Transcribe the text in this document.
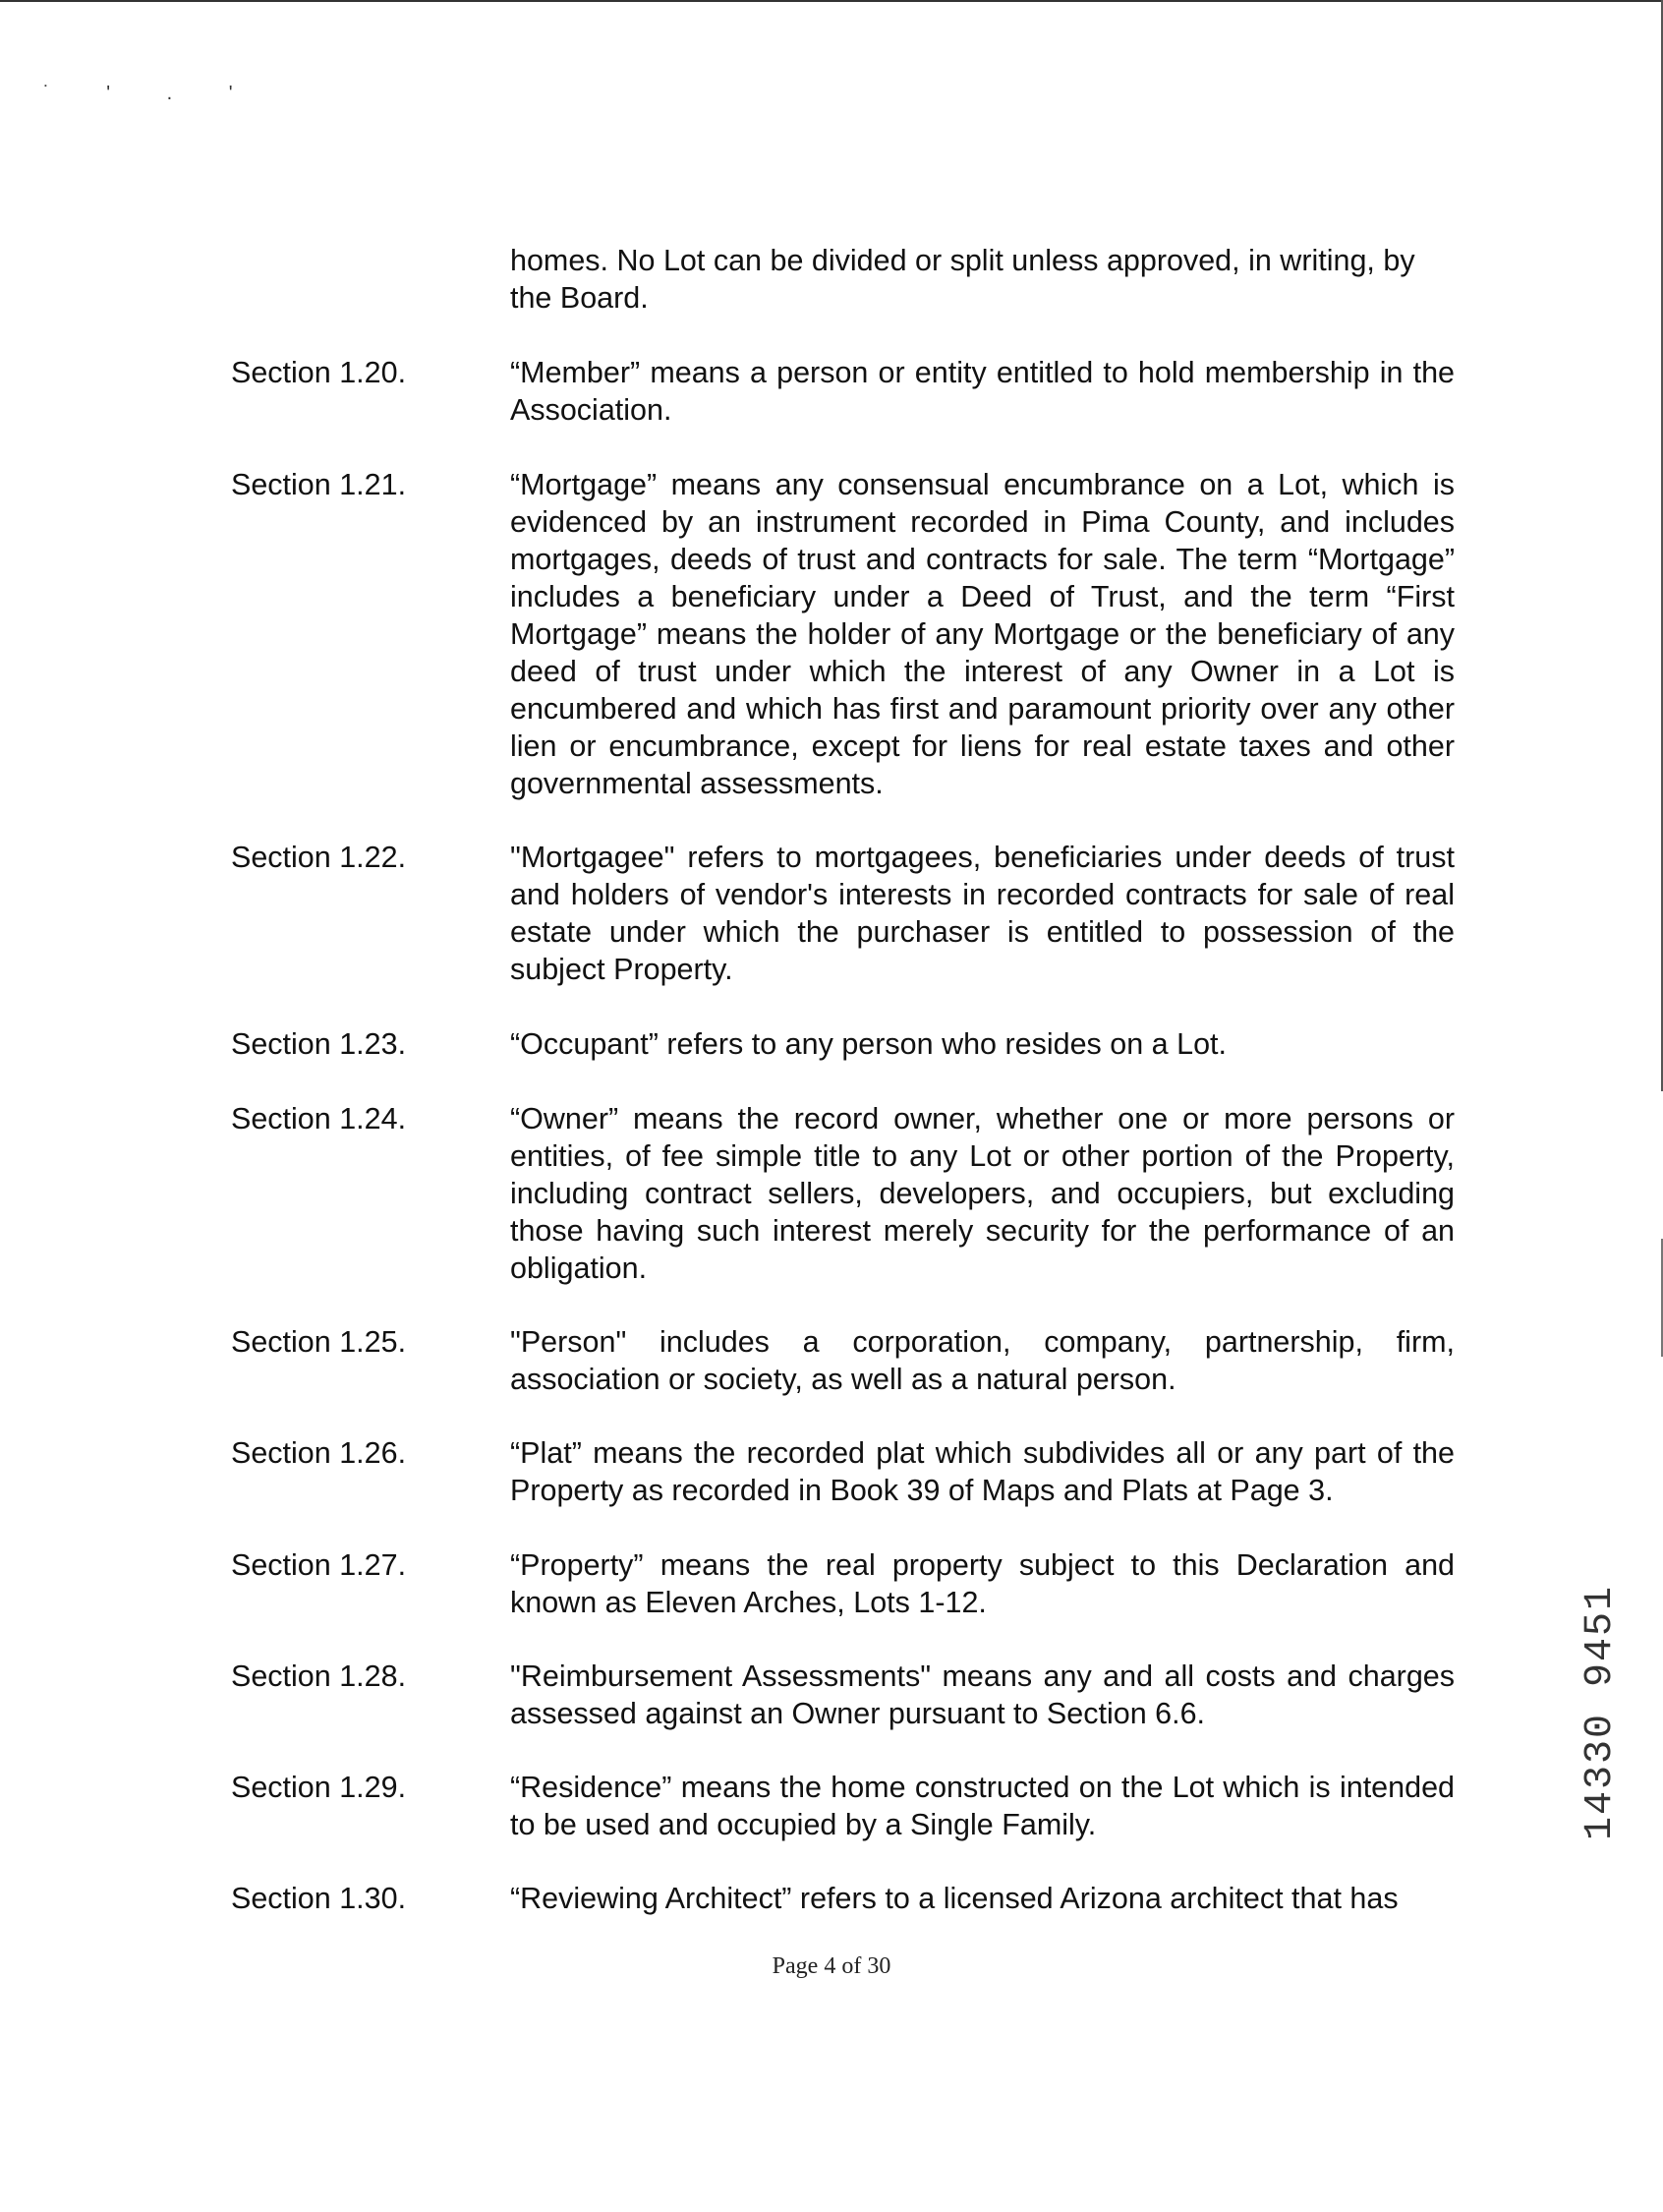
˙ ' . '
homes. No Lot can be divided or split unless approved, in writing, by the Board.
Section 1.20.	“Member” means a person or entity entitled to hold membership in the Association.
Section 1.21.	“Mortgage” means any consensual encumbrance on a Lot, which is evidenced by an instrument recorded in Pima County, and includes mortgages, deeds of trust and contracts for sale. The term “Mortgage” includes a beneficiary under a Deed of Trust, and the term “First Mortgage” means the holder of any Mortgage or the beneficiary of any deed of trust under which the interest of any Owner in a Lot is encumbered and which has first and paramount priority over any other lien or encumbrance, except for liens for real estate taxes and other governmental assessments.
Section 1.22.	"Mortgagee" refers to mortgagees, beneficiaries under deeds of trust and holders of vendor's interests in recorded contracts for sale of real estate under which the purchaser is entitled to possession of the subject Property.
Section 1.23.	“Occupant” refers to any person who resides on a Lot.
Section 1.24.	“Owner” means the record owner, whether one or more persons or entities, of fee simple title to any Lot or other portion of the Property, including contract sellers, developers, and occupiers, but excluding those having such interest merely security for the performance of an obligation.
Section 1.25.	"Person" includes a corporation, company, partnership, firm, association or society, as well as a natural person.
Section 1.26.	“Plat” means the recorded plat which subdivides all or any part of the Property as recorded in Book 39 of Maps and Plats at Page 3.
Section 1.27.	“Property” means the real property subject to this Declaration and known as Eleven Arches, Lots 1-12.
Section 1.28.	"Reimbursement Assessments" means any and all costs and charges assessed against an Owner pursuant to Section 6.6.
Section 1.29.	“Residence” means the home constructed on the Lot which is intended to be used and occupied by a Single Family.
Section 1.30.	“Reviewing Architect” refers to a licensed Arizona architect that has
14330 9451
Page 4 of 30
